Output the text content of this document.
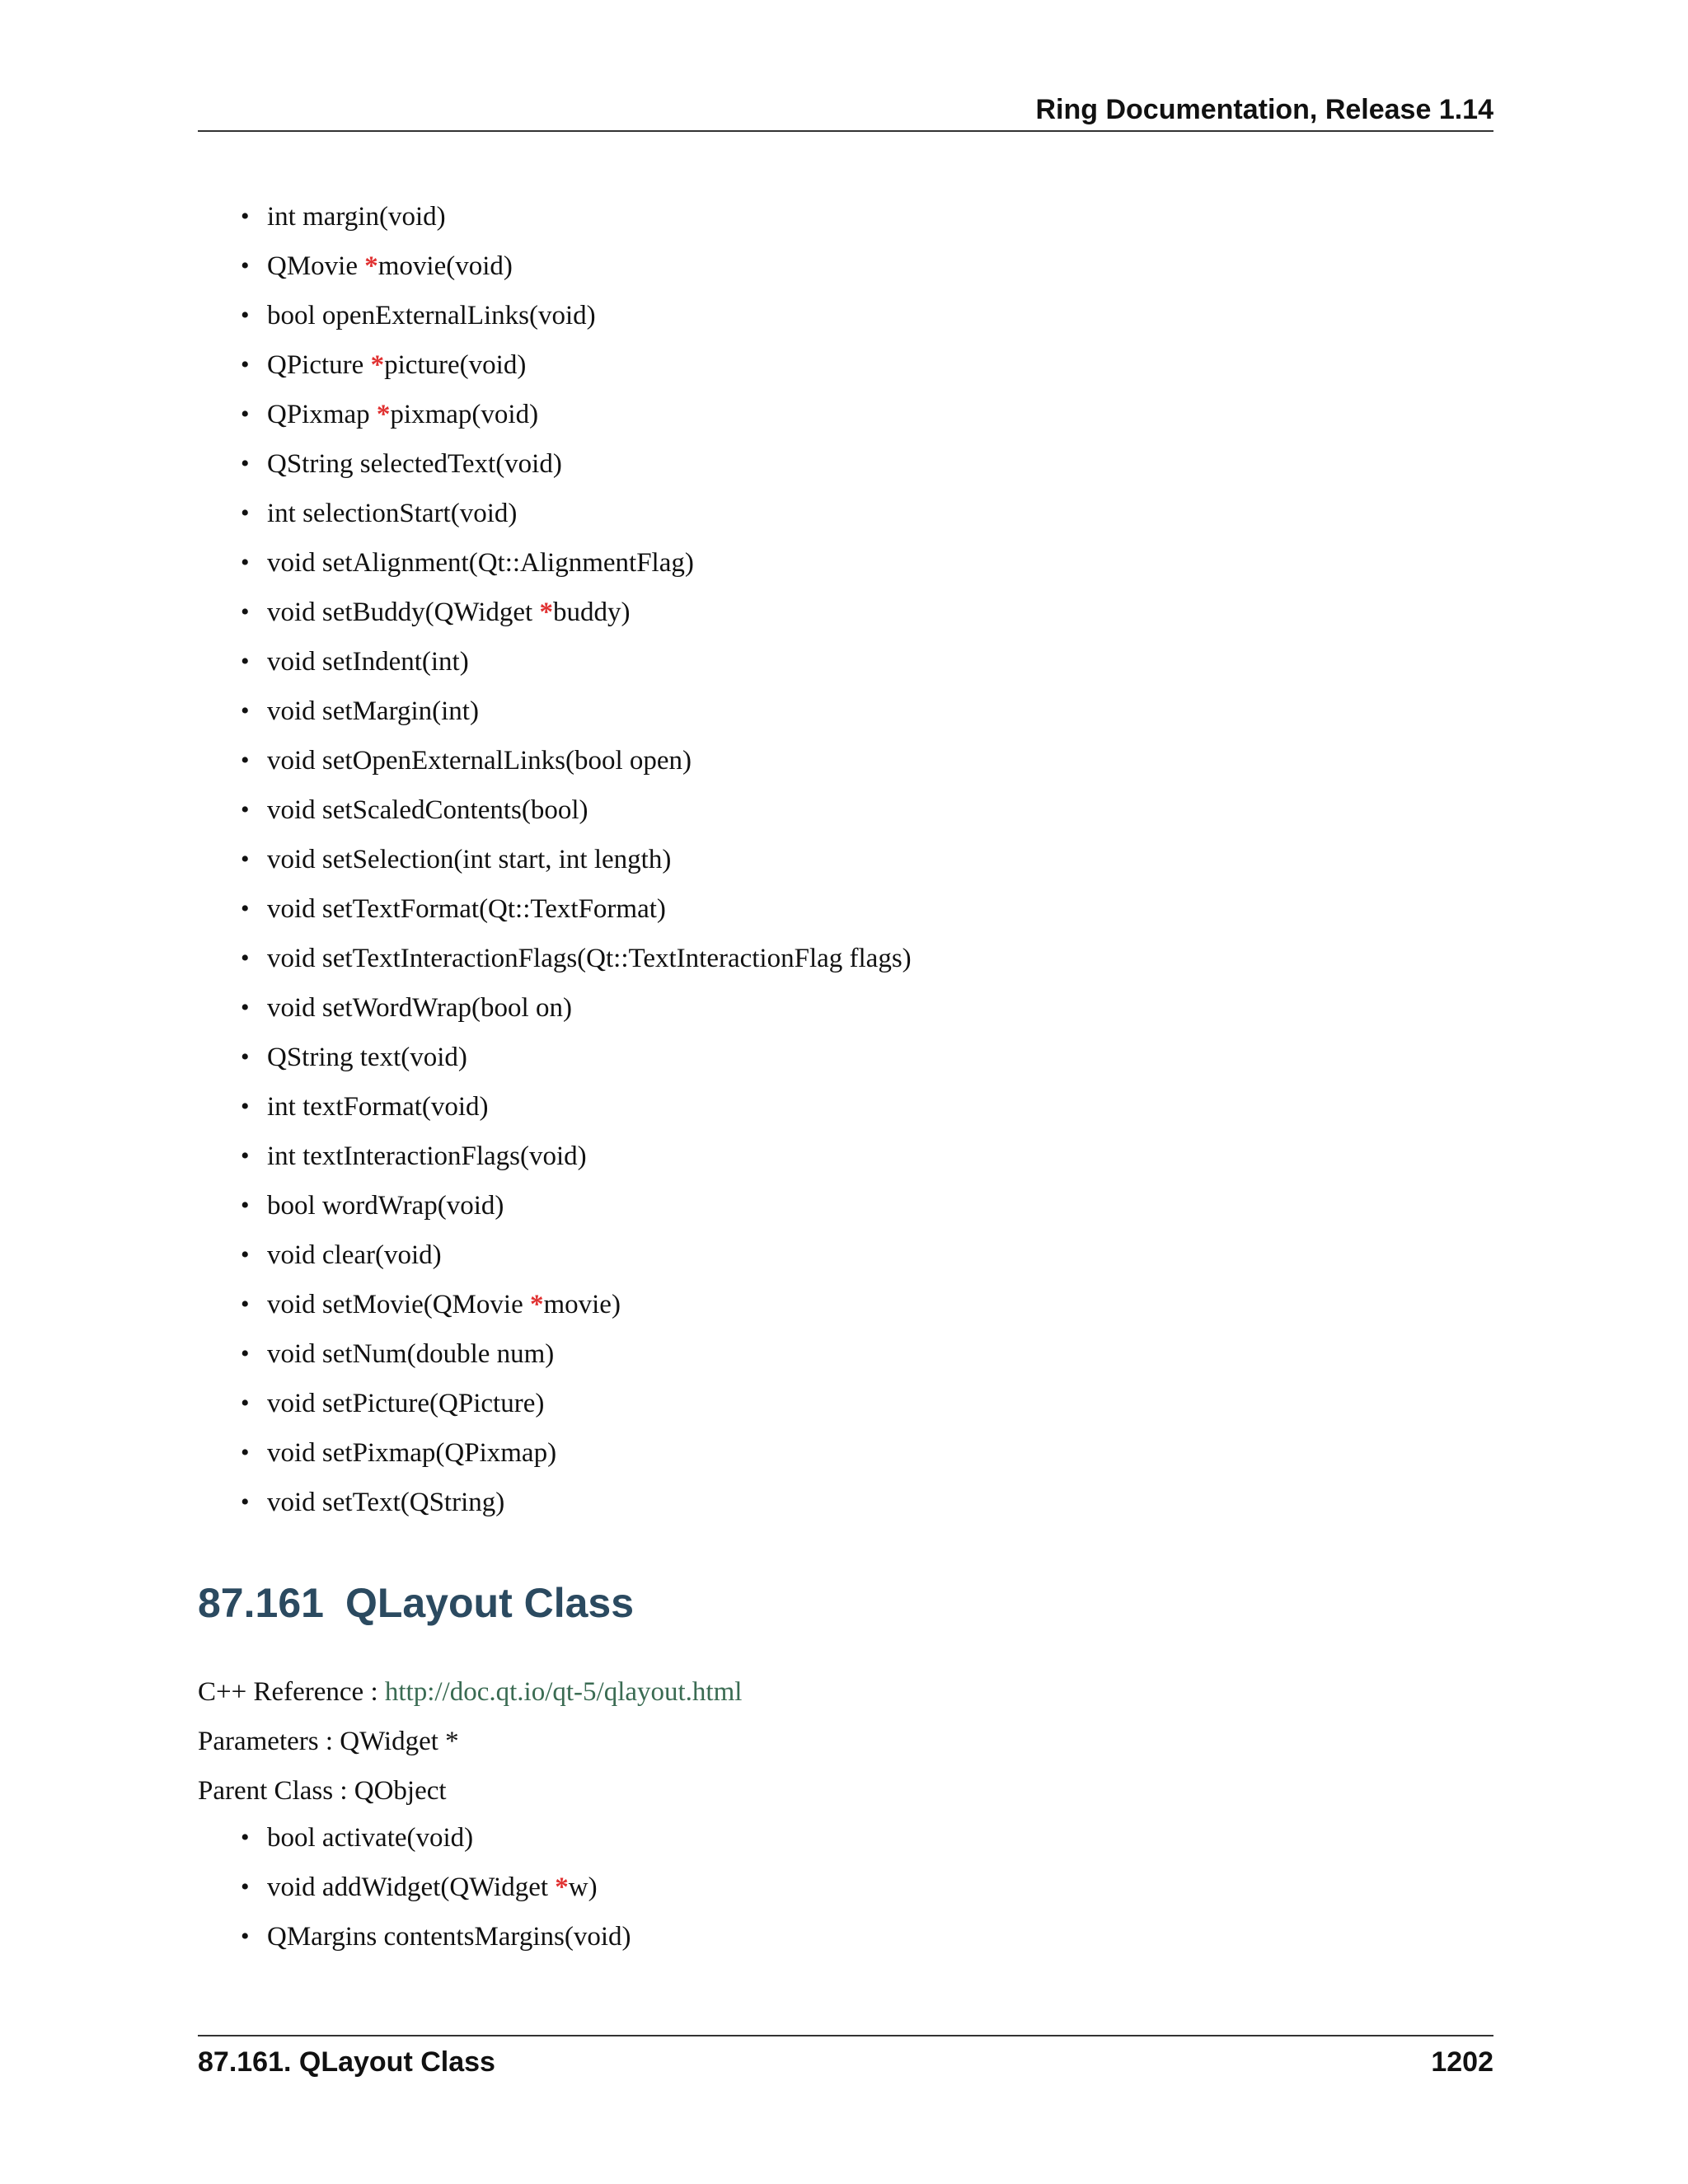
Ring Documentation, Release 1.14
• int margin(void)
• QMovie *movie(void)
• bool openExternalLinks(void)
• QPicture *picture(void)
• QPixmap *pixmap(void)
• QString selectedText(void)
• int selectionStart(void)
• void setAlignment(Qt::AlignmentFlag)
• void setBuddy(QWidget *buddy)
• void setIndent(int)
• void setMargin(int)
• void setOpenExternalLinks(bool open)
• void setScaledContents(bool)
• void setSelection(int start, int length)
• void setTextFormat(Qt::TextFormat)
• void setTextInteractionFlags(Qt::TextInteractionFlag flags)
• void setWordWrap(bool on)
• QString text(void)
• int textFormat(void)
• int textInteractionFlags(void)
• bool wordWrap(void)
• void clear(void)
• void setMovie(QMovie *movie)
• void setNum(double num)
• void setPicture(QPicture)
• void setPixmap(QPixmap)
• void setText(QString)
87.161 QLayout Class
C++ Reference : http://doc.qt.io/qt-5/qlayout.html
Parameters : QWidget *
Parent Class : QObject
• bool activate(void)
• void addWidget(QWidget *w)
• QMargins contentsMargins(void)
87.161. QLayout Class	1202
